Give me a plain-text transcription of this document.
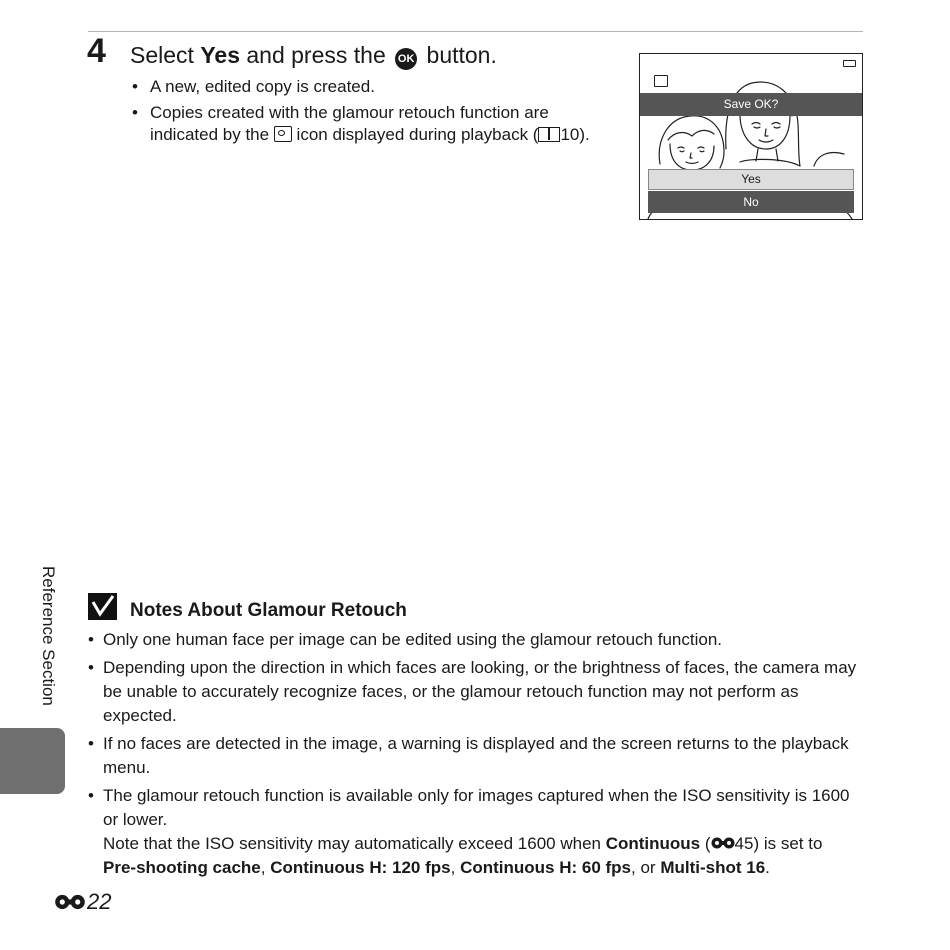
4 Select Yes and press the OK button.
• A new, edited copy is created.
• Copies created with the glamour retouch function are indicated by the  icon displayed during playback ( 10).
Save OK?
Yes
No
Reference Section	Notes About Glamour Retouch
• Only one human face per image can be edited using the glamour retouch function.
• Depending upon the direction in which faces are looking, or the brightness of faces, the camera may be unable to accurately recognize faces, or the glamour retouch function may not perform as expected.
• If no faces are detected in the image, a warning is displayed and the screen returns to the playback menu.
• The glamour retouch function is available only for images captured when the ISO sensitivity is 1600 or lower.
Note that the ISO sensitivity may automatically exceed 1600 when Continuous ( 45) is set to
Pre-shooting cache, Continuous H: 120 fps, Continuous H: 60 fps, or Multi-shot 16.
22
